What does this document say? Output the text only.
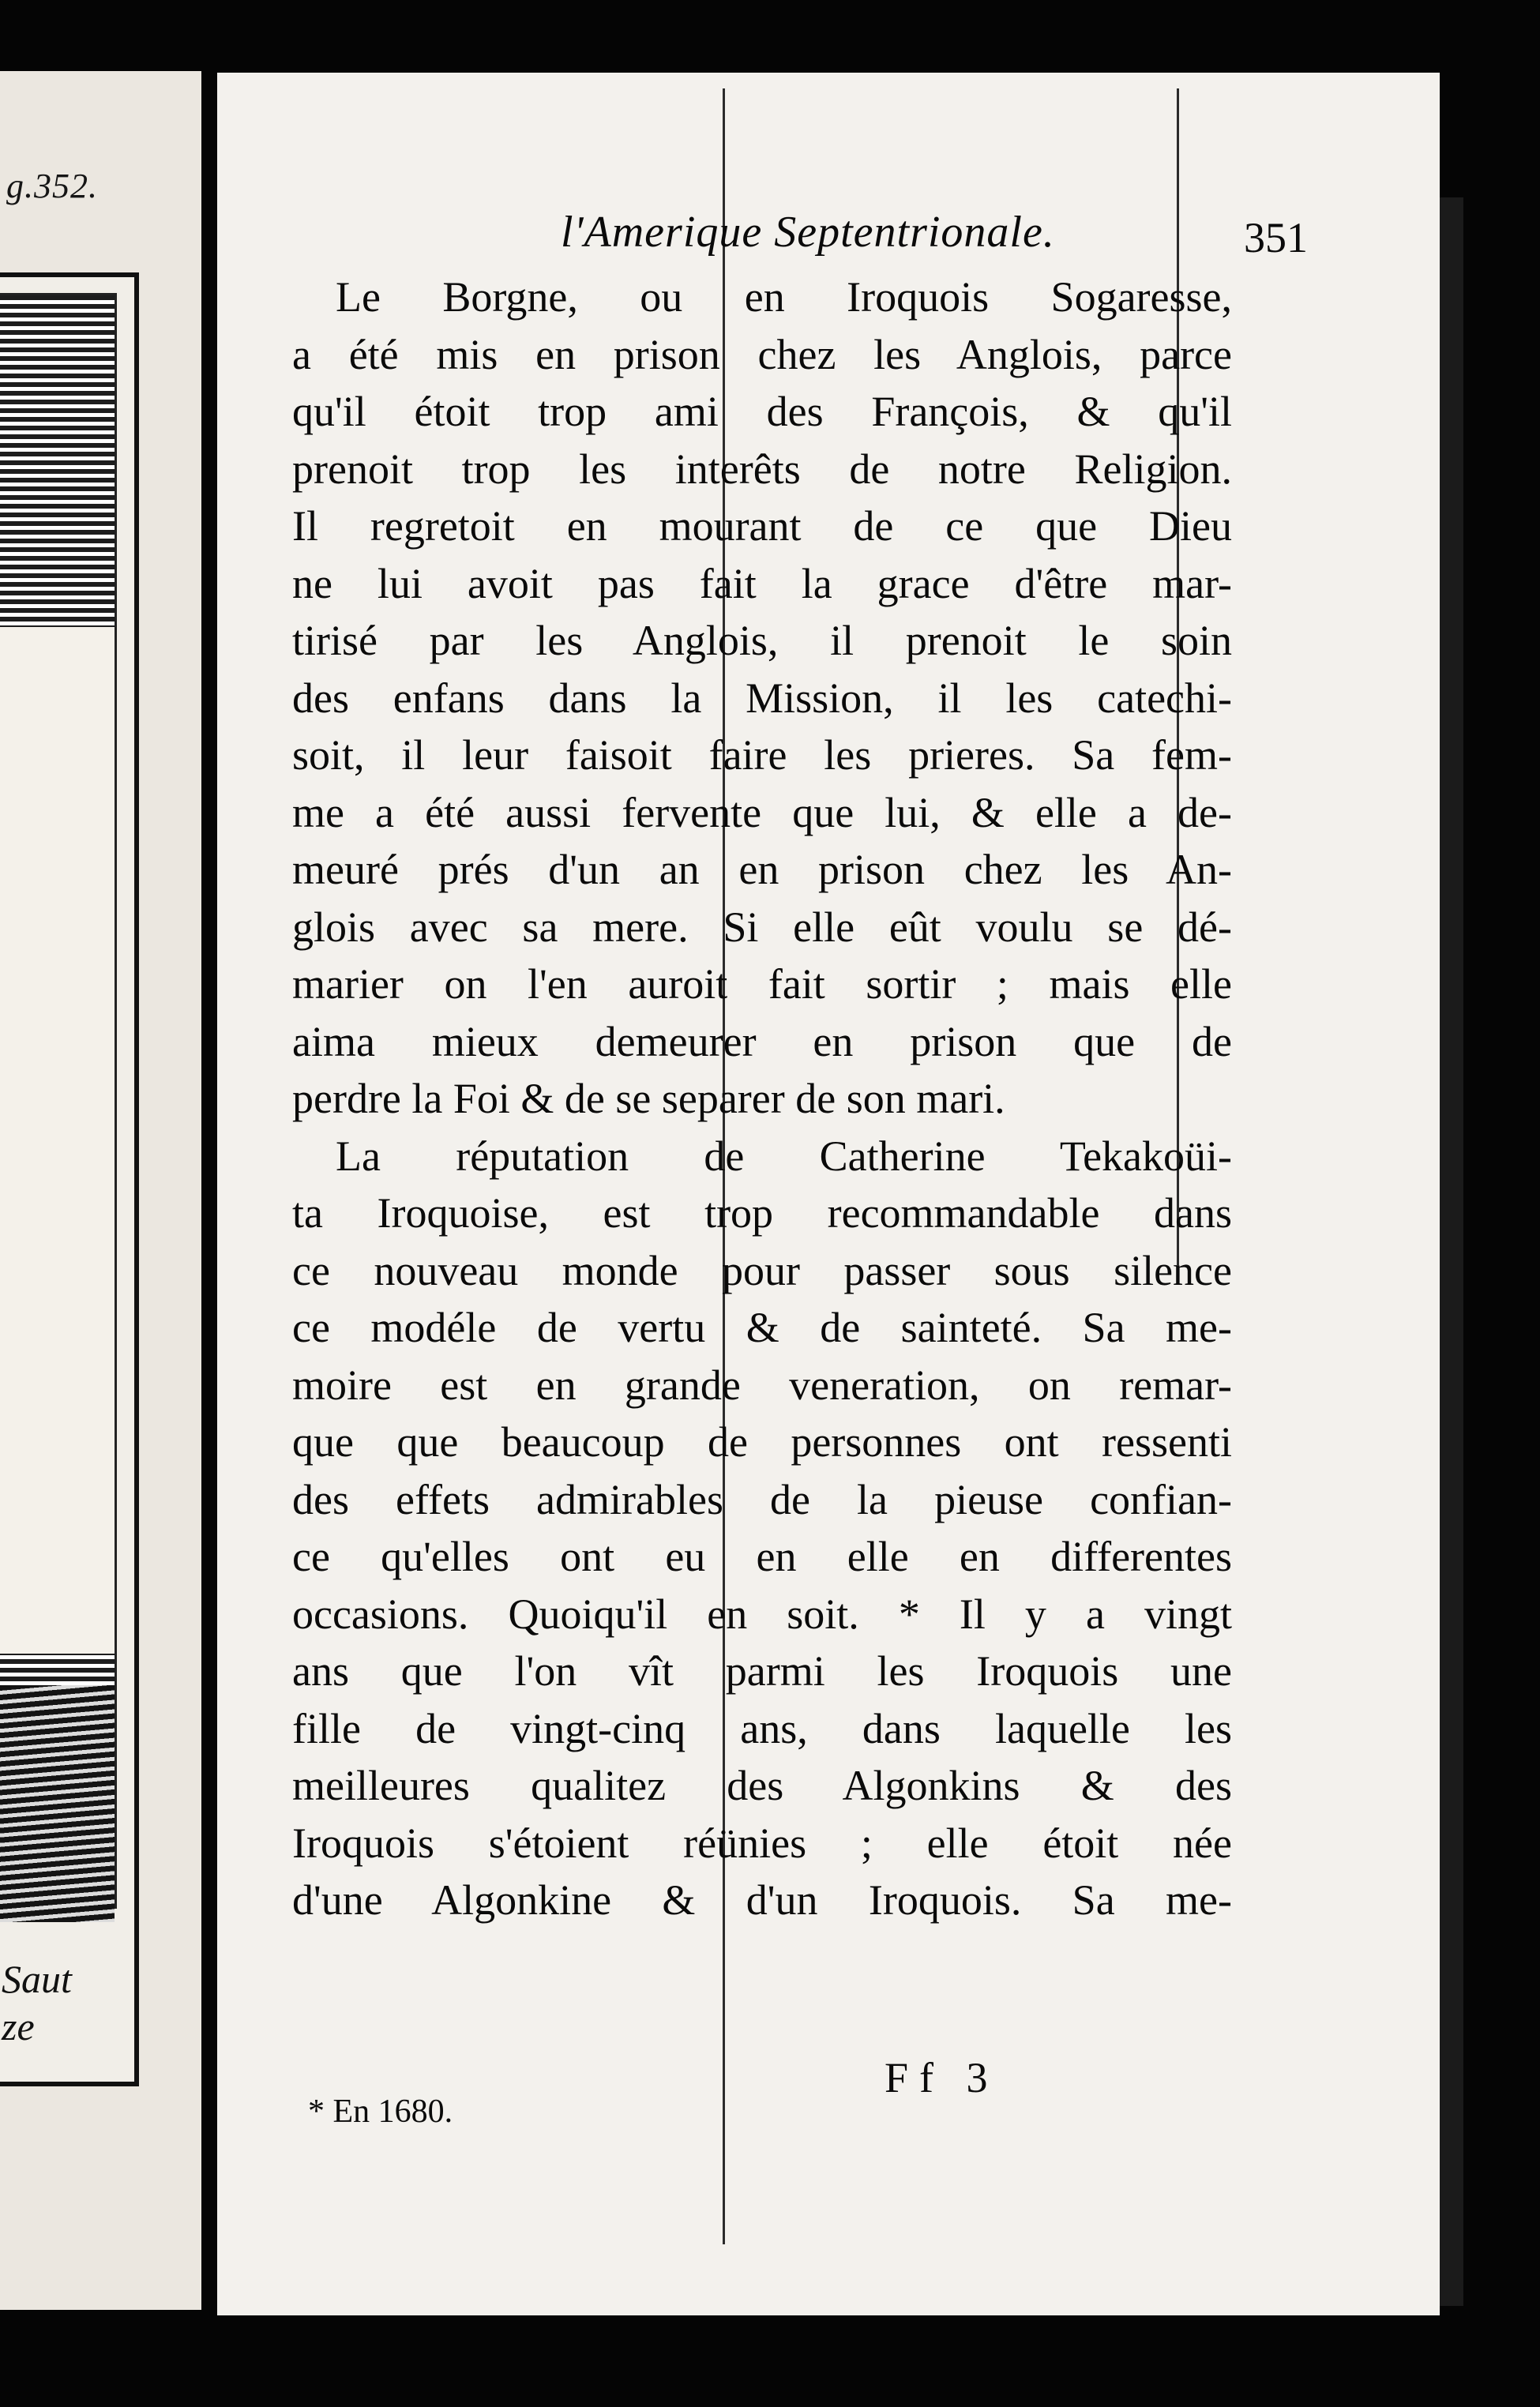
g.352.
Saut
ze
l'Amerique Septentrionale.	351
Le Borgne, ou en Iroquois Sogaresse,
a été mis en prison chez les Anglois, parce
qu'il étoit trop ami des François, & qu'il
prenoit trop les interêts de notre Religion.
Il regretoit en mourant de ce que Dieu
ne lui avoit pas fait la grace d'être mar-
tirisé par les Anglois, il prenoit le soin
des enfans dans la Mission, il les catechi-
soit, il leur faisoit faire les prieres. Sa fem-
me a été aussi fervente que lui, & elle a de-
meuré prés d'un an en prison chez les An-
glois avec sa mere. Si elle eût voulu se dé-
marier on l'en auroit fait sortir ; mais elle
aima mieux demeurer en prison que de
perdre la Foi & de se separer de son mari.
La réputation de Catherine Tekakoüi-
ta Iroquoise, est trop recommandable dans
ce nouveau monde pour passer sous silence
ce modéle de vertu & de sainteté. Sa me-
moire est en grande veneration, on remar-
que que beaucoup de personnes ont ressenti
des effets admirables de la pieuse confian-
ce qu'elles ont eu en elle en differentes
occasions. Quoiqu'il en soit. * Il y a vingt
ans que l'on vît parmi les Iroquois une
fille de vingt-cinq ans, dans laquelle les
meilleures qualitez des Algonkins & des
Iroquois s'étoient réünies ; elle étoit née
d'une Algonkine & d'un Iroquois. Sa me-
Ff 3
* En 1680.
